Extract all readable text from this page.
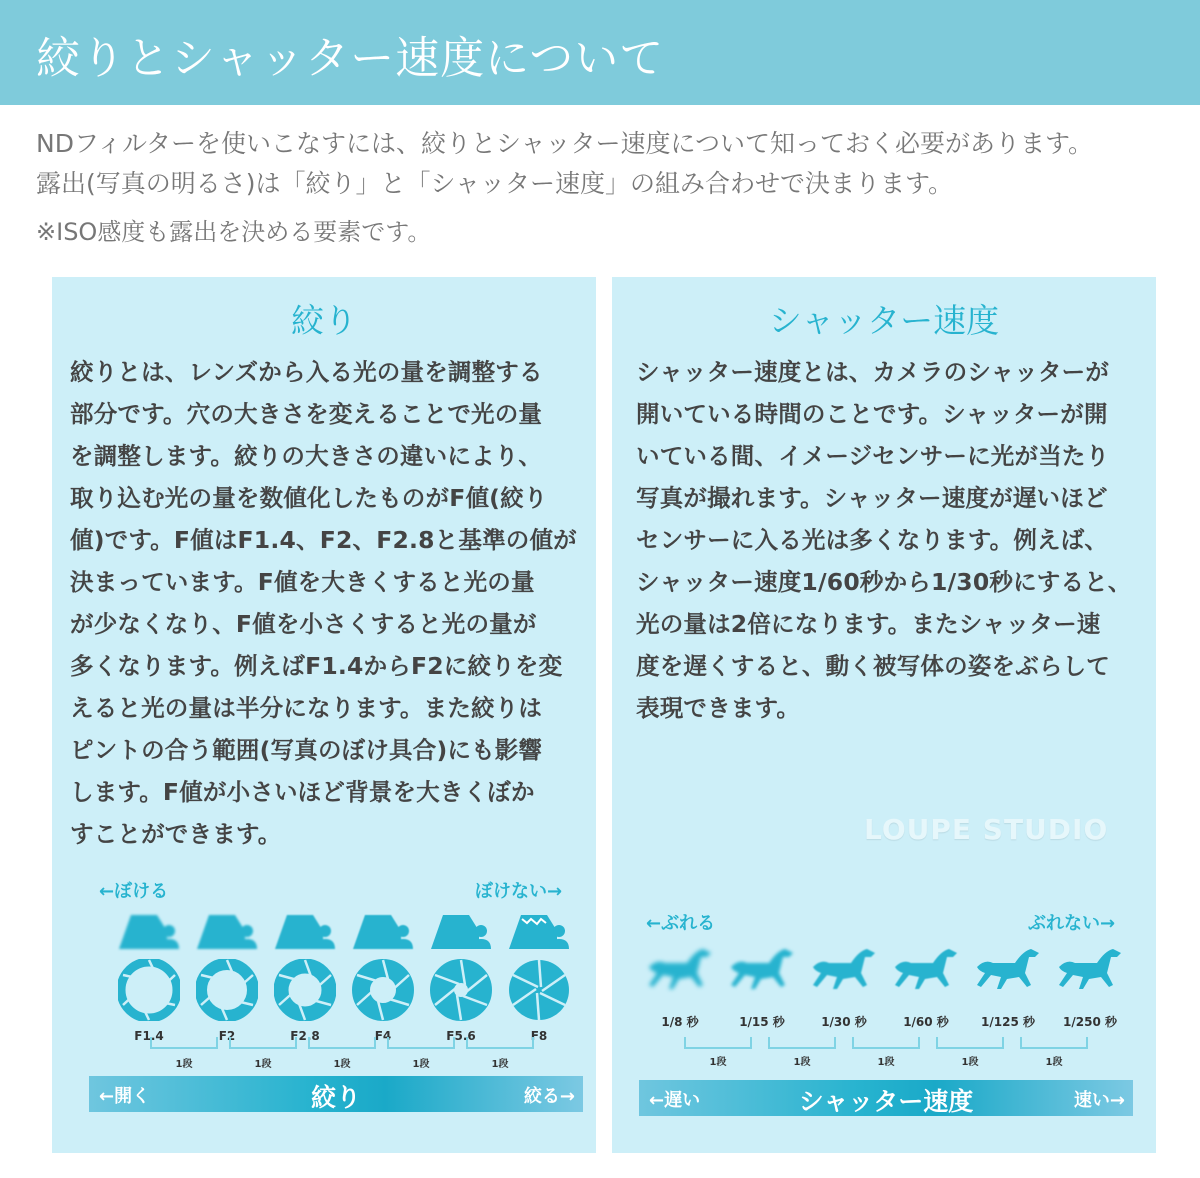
絞りとシャッター速度について
NDフィルターを使いこなすには、絞りとシャッター速度について知っておく必要があります。
露出(写真の明るさ)は「絞り」と「シャッター速度」の組み合わせで決まります。
※ISO感度も露出を決める要素です。
絞り
絞りとは、レンズから入る光の量を調整する
部分です。穴の大きさを変えることで光の量
を調整します。絞りの大きさの違いにより、
取り込む光の量を数値化したものがF値(絞り
値)です。F値はF1.4、F2、F2.8と基準の値が
決まっています。F値を大きくすると光の量
が少なくなり、F値を小さくすると光の量が
多くなります。例えばF1.4からF2に絞りを変
えると光の量は半分になります。また絞りは
ピントの合う範囲(写真のぼけ具合)にも影響
します。F値が小さいほど背景を大きくぼか
すことができます。
←ぼける	ぼけない→

F1.4
	F2
	F2.8
	F4
	F5.6
	F8
1段	1段	1段	1段	1段
←開く	絞り	絞る→
シャッター速度
シャッター速度とは、カメラのシャッターが
開いている時間のことです。シャッターが開
いている間、イメージセンサーに光が当たり
写真が撮れます。シャッター速度が遅いほど
センサーに入る光は多くなります。例えば、
シャッター速度1/60秒から1/30秒にすると、
光の量は2倍になります。またシャッター速
度を遅くすると、動く被写体の姿をぶらして
表現できます。
LOUPE STUDIO
←ぶれる	ぶれない→
1/8 秒	1/15 秒	1/30 秒	1/60 秒	1/125 秒	1/250 秒
1段	1段	1段	1段	1段
←遅い	シャッター速度	速い→
